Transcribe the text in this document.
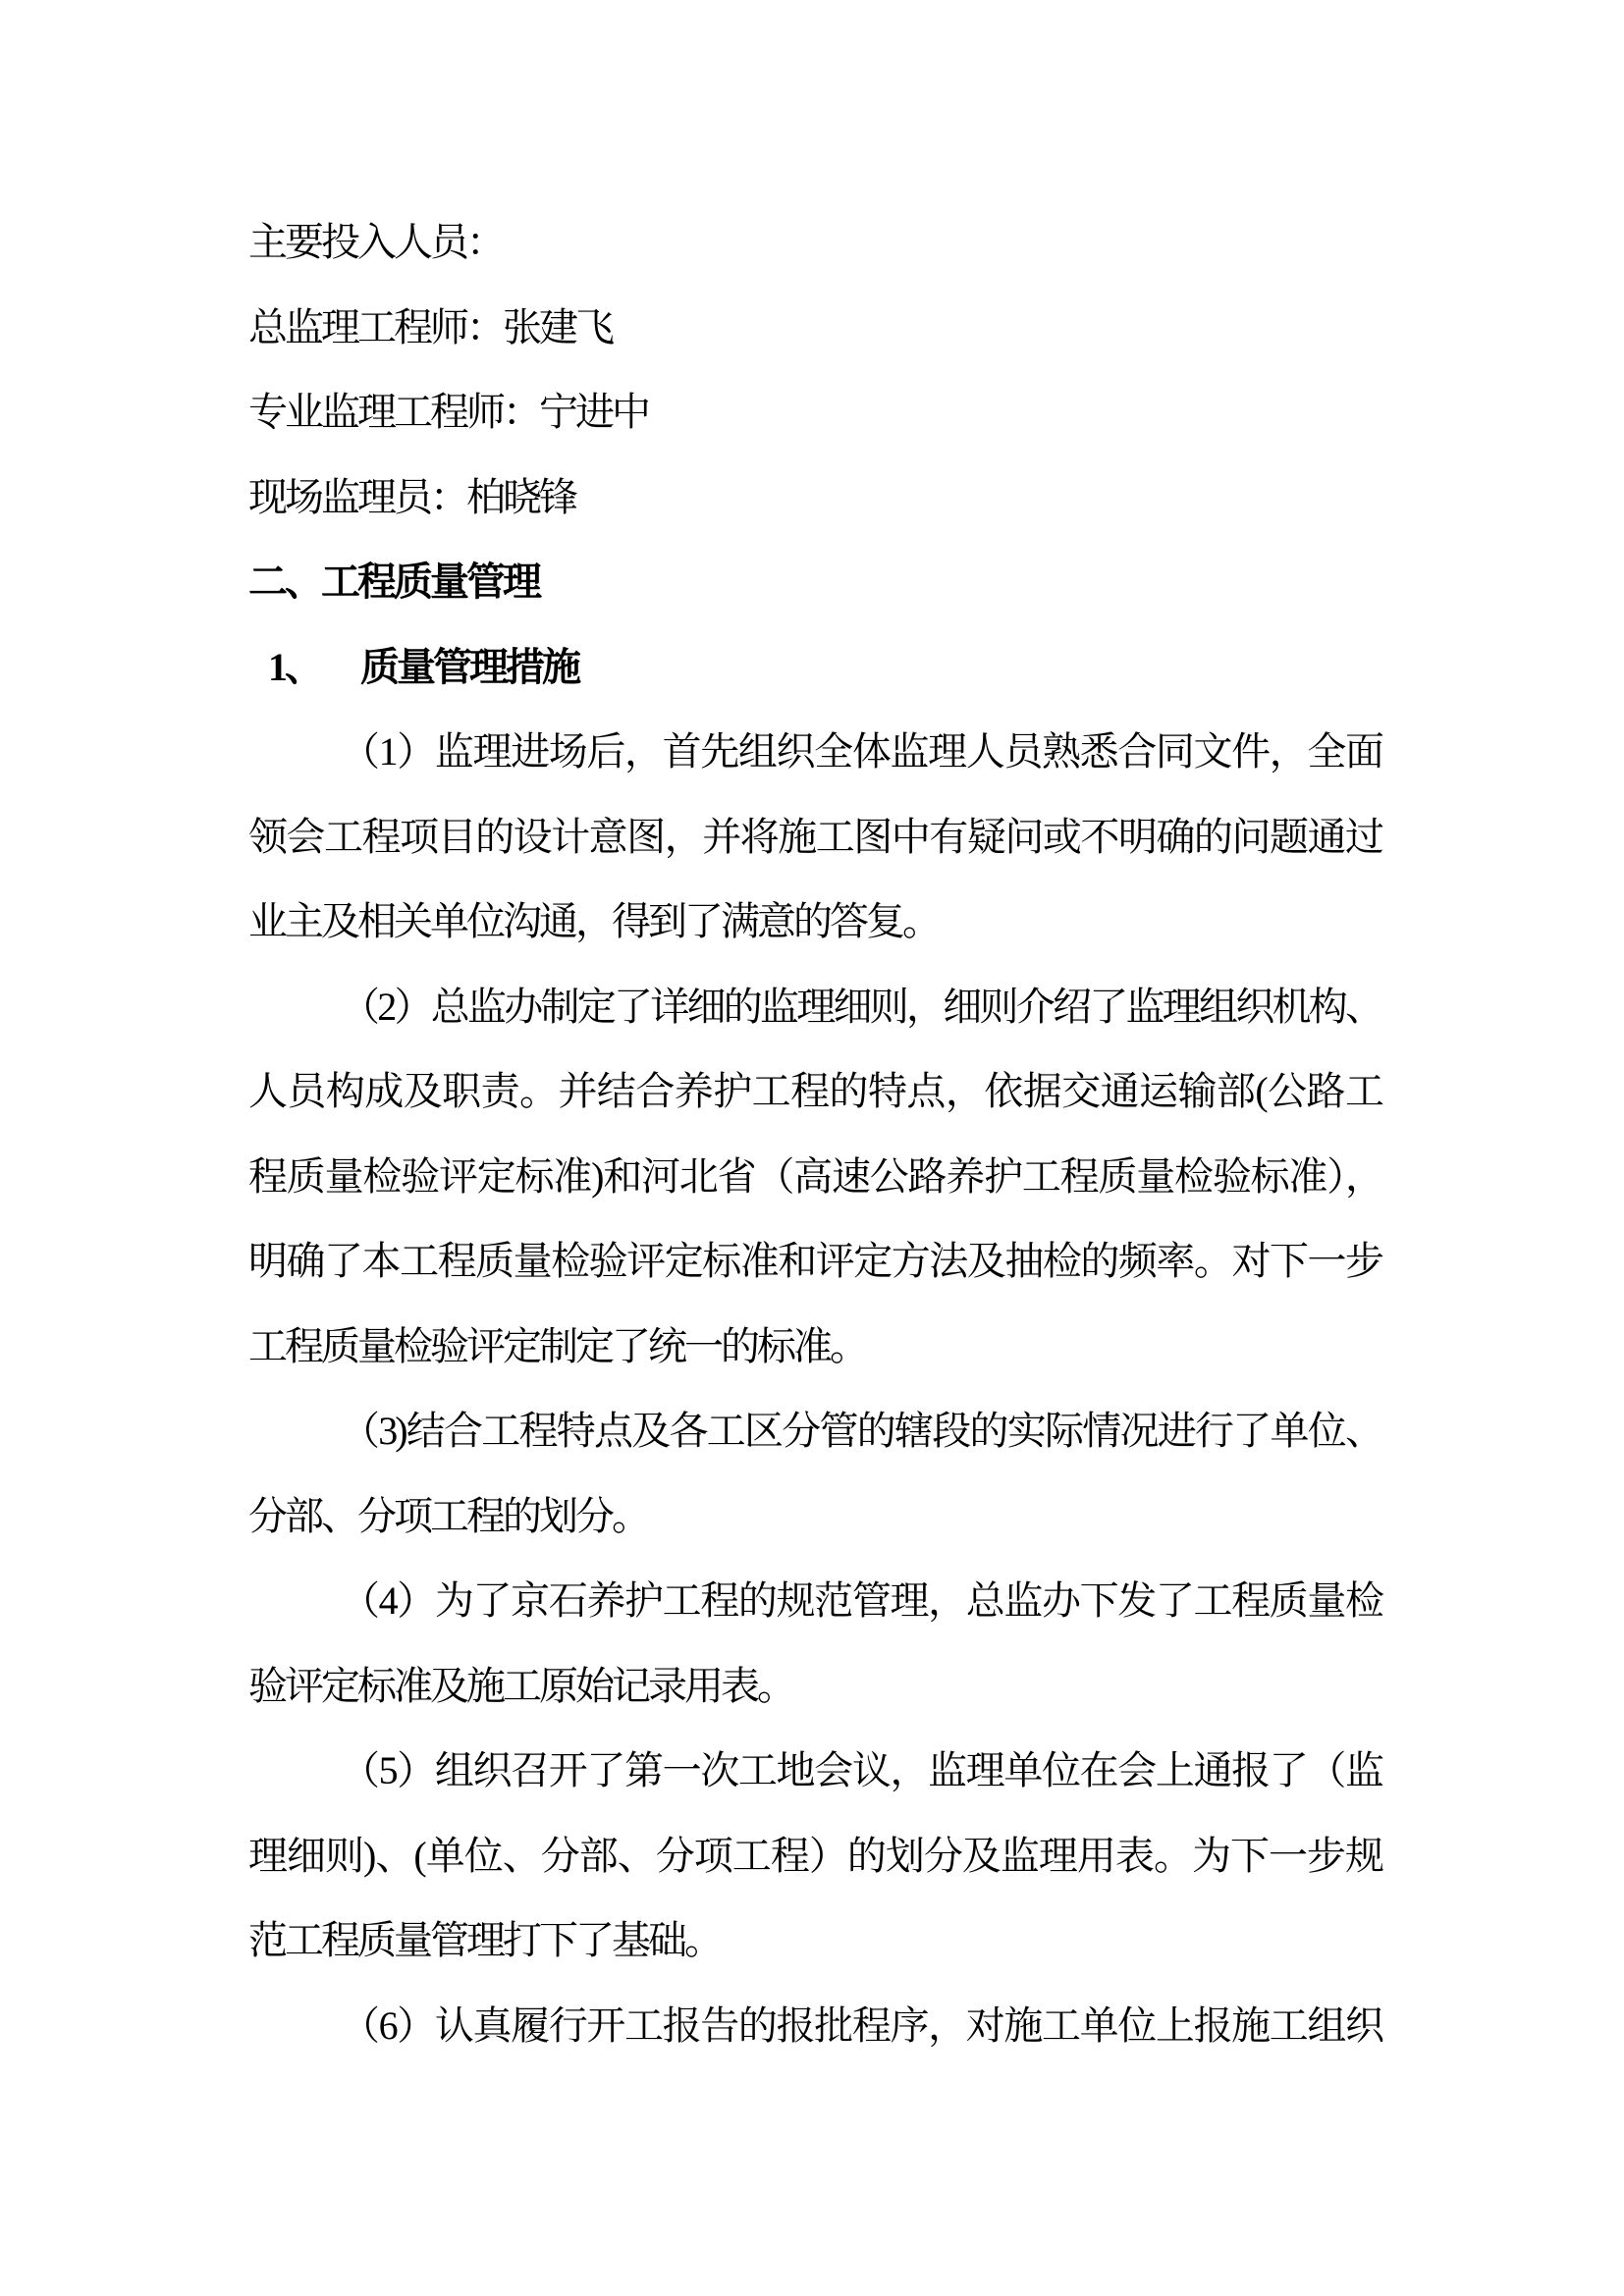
主要投入人员：
总监理工程师：张建飞
专业监理工程师：宁进中
现场监理员：柏晓锋
二、工程质量管理
1、 质量管理措施
（1）监理进场后，首先组织全体监理人员熟悉合同文件，全面
领会工程项目的设计意图，并将施工图中有疑问或不明确的问题通过
业主及相关单位沟通，得到了满意的答复。
（2）总监办制定了详细的监理细则，细则介绍了监理组织机构、
人员构成及职责。并结合养护工程的特点，依据交通运输部(公路工
程质量检验评定标准)和河北省（高速公路养护工程质量检验标准），
明确了本工程质量检验评定标准和评定方法及抽检的频率。对下一步
工程质量检验评定制定了统一的标准。
（3)结合工程特点及各工区分管的辖段的实际情况进行了单位、
分部、分项工程的划分。
（4）为了京石养护工程的规范管理，总监办下发了工程质量检
验评定标准及施工原始记录用表。
（5）组织召开了第一次工地会议，监理单位在会上通报了（监
理细则)、(单位、分部、分项工程）的划分及监理用表。为下一步规
范工程质量管理打下了基础。
（6）认真履行开工报告的报批程序，对施工单位上报施工组织
